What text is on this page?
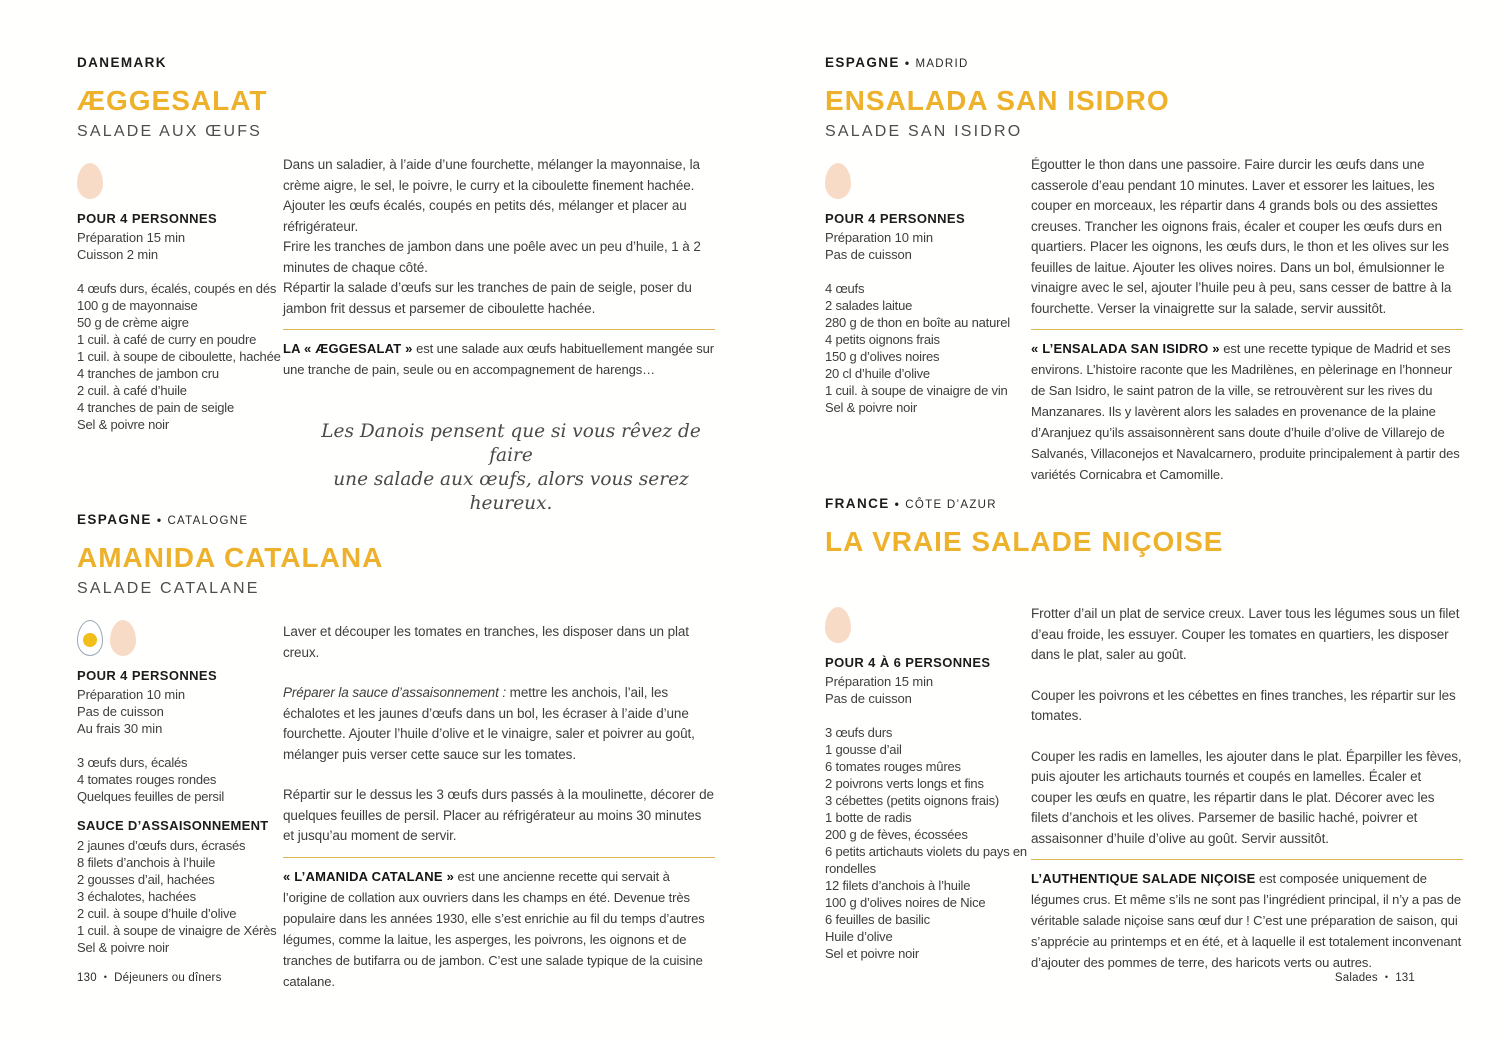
DANEMARK
ÆGGESALAT
SALADE AUX ŒUFS
POUR 4 PERSONNES
Préparation 15 min
Cuisson 2 min
4 œufs durs, écalés, coupés en dés
100 g de mayonnaise
50 g de crème aigre
1 cuil. à café de curry en poudre
1 cuil. à soupe de ciboulette, hachée
4 tranches de jambon cru
2 cuil. à café d’huile
4 tranches de pain de seigle
Sel & poivre noir

Dans un saladier, à l’aide d’une fourchette, mélanger la mayonnaise, la crème aigre, le sel, le poivre, le curry et la ciboulette finement hachée. Ajouter les œufs écalés, coupés en petits dés, mélanger et placer au réfrigérateur.

Frire les tranches de jambon dans une poêle avec un peu d’huile, 1 à 2 minutes de chaque côté.

Répartir la salade d’œufs sur les tranches de pain de seigle, poser du jambon frit dessus et parsemer de ciboulette hachée.

LA « ÆGGESALAT » est une salade aux œufs habituellement mangée sur une tranche de pain, seule ou en accompagnement de harengs…
Les Danois pensent que si vous rêvez de faire
une salade aux œufs, alors vous serez heureux.
ESPAGNE • CATALOGNE
AMANIDA CATALANA
SALADE CATALANE
POUR 4 PERSONNES
Préparation 10 min
Pas de cuisson
Au frais 30 min
3 œufs durs, écalés
4 tomates rouges rondes
Quelques feuilles de persil
SAUCE D’ASSAISONNEMENT
2 jaunes d’œufs durs, écrasés
8 filets d’anchois à l’huile
2 gousses d’ail, hachées
3 échalotes, hachées
2 cuil. à soupe d’huile d’olive
1 cuil. à soupe de vinaigre de Xérès
Sel & poivre noir

Laver et découper les tomates en tranches, les disposer dans un plat creux.

Préparer la sauce d’assaisonnement : mettre les anchois, l’ail, les échalotes et les jaunes d’œufs dans un bol, les écraser à l’aide d’une fourchette. Ajouter l’huile d’olive et le vinaigre, saler et poivrer au goût, mélanger puis verser cette sauce sur les tomates.

Répartir sur le dessus les 3 œufs durs passés à la moulinette, décorer de quelques feuilles de persil. Placer au réfrigérateur au moins 30 minutes et jusqu’au moment de servir.

« L’AMANIDA CATALANE » est une ancienne recette qui servait à l’origine de collation aux ouvriers dans les champs en été. Devenue très populaire dans les années 1930, elle s’est enrichie au fil du temps d’autres légumes, comme la laitue, les asperges, les poivrons, les oignons et de tranches de butifarra ou de jambon. C’est une salade typique de la cuisine catalane.
ESPAGNE • MADRID
ENSALADA SAN ISIDRO
SALADE SAN ISIDRO
POUR 4 PERSONNES
Préparation 10 min
Pas de cuisson
4 œufs
2 salades laitue
280 g de thon en boîte au naturel
4 petits oignons frais
150 g d’olives noires
20 cl d’huile d’olive
1 cuil. à soupe de vinaigre de vin
Sel & poivre noir

Égoutter le thon dans une passoire. Faire durcir les œufs dans une casserole d’eau pendant 10 minutes. Laver et essorer les laitues, les couper en morceaux, les répartir dans 4 grands bols ou des assiettes creuses. Trancher les oignons frais, écaler et couper les œufs durs en quartiers. Placer les oignons, les œufs durs, le thon et les olives sur les feuilles de laitue. Ajouter les olives noires. Dans un bol, émulsionner le vinaigre avec le sel, ajouter l’huile peu à peu, sans cesser de battre à la fourchette. Verser la vinaigrette sur la salade, servir aussitôt.

« L’ENSALADA SAN ISIDRO » est une recette typique de Madrid et ses environs. L’histoire raconte que les Madrilènes, en pèlerinage en l’honneur de San Isidro, le saint patron de la ville, se retrouvèrent sur les rives du Manzanares. Ils y lavèrent alors les salades en provenance de la plaine d’Aranjuez qu’ils assaisonnèrent sans doute d’huile d’olive de Villarejo de Salvanés, Villaconejos et Navalcarnero, produite principalement à partir des variétés Cornicabra et Camomille.
FRANCE • CÔTE D’AZUR
LA VRAIE SALADE NIÇOISE
POUR 4 À 6 PERSONNES
Préparation 15 min
Pas de cuisson
3 œufs durs
1 gousse d’ail
6 tomates rouges mûres
2 poivrons verts longs et fins
3 cébettes (petits oignons frais)
1 botte de radis
200 g de fèves, écossées
6 petits artichauts violets du pays en rondelles
12 filets d’anchois à l’huile
100 g d’olives noires de Nice
6 feuilles de basilic
Huile d’olive
Sel et poivre noir

Frotter d’ail un plat de service creux. Laver tous les légumes sous un filet d’eau froide, les essuyer. Couper les tomates en quartiers, les disposer dans le plat, saler au goût.

Couper les poivrons et les cébettes en fines tranches, les répartir sur les tomates.

Couper les radis en lamelles, les ajouter dans le plat. Éparpiller les fèves, puis ajouter les artichauts tournés et coupés en lamelles. Écaler et couper les œufs en quatre, les répartir dans le plat. Décorer avec les filets d’anchois et les olives. Parsemer de basilic haché, poivrer et assaisonner d’huile d’olive au goût. Servir aussitôt.

L’AUTHENTIQUE SALADE NIÇOISE est composée uniquement de légumes crus. Et même s’ils ne sont pas l’ingrédient principal, il n’y a pas de véritable salade niçoise sans œuf dur ! C’est une préparation de saison, qui s’apprécie au printemps et en été, et à laquelle il est totalement inconvenant d’ajouter des pommes de terre, des haricots verts ou autres.
130 • Déjeuners ou dîners	Salades • 131
